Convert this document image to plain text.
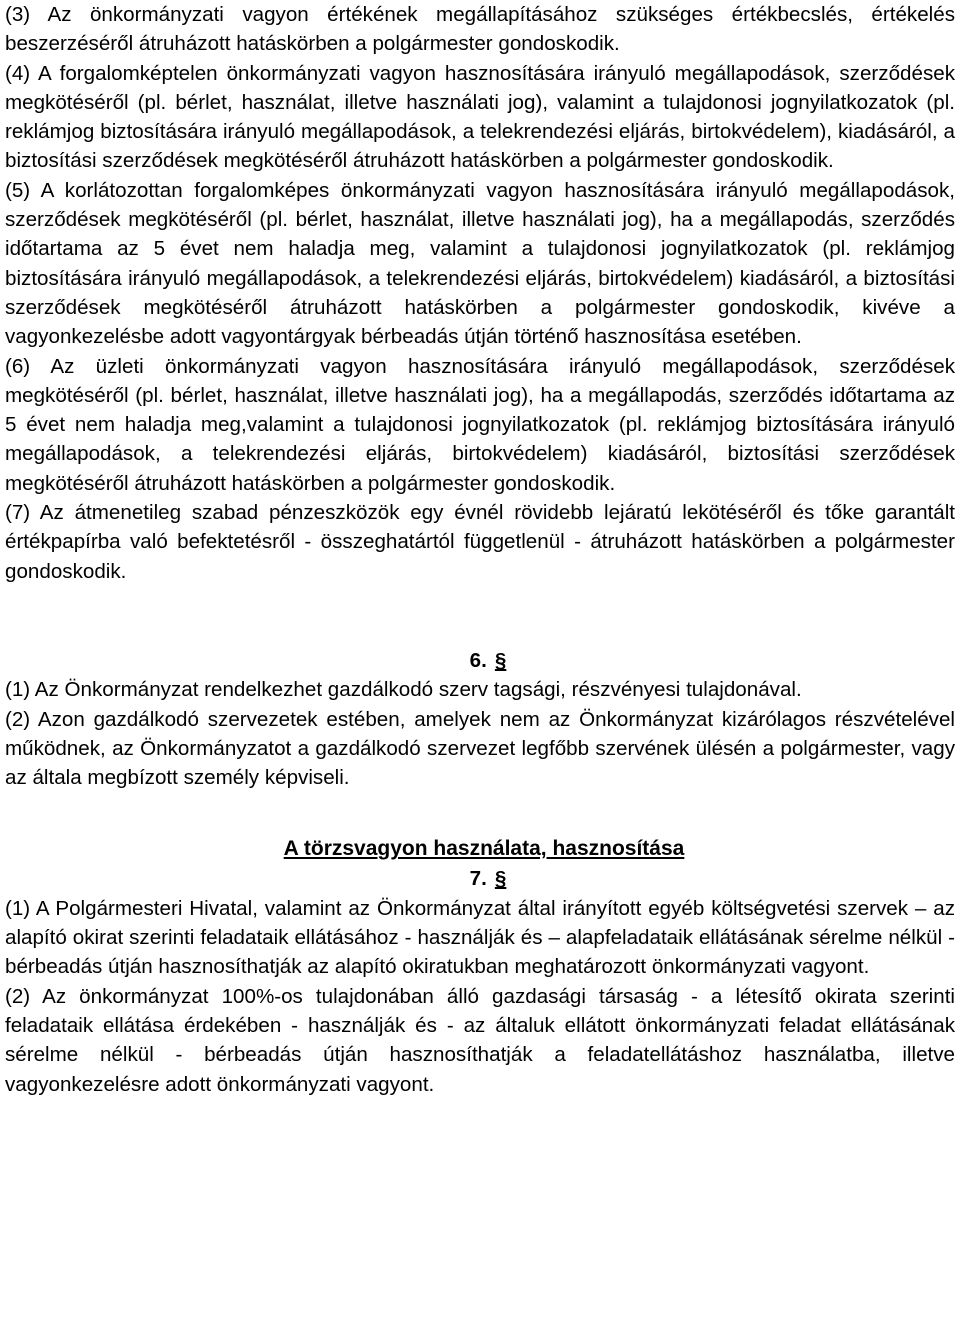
(3) Az önkormányzati vagyon értékének megállapításához szükséges értékbecslés, értékelés beszerzéséről átruházott hatáskörben a polgármester gondoskodik.

(4) A forgalomképtelen önkormányzati vagyon hasznosítására irányuló megállapodások, szerződések megkötéséről (pl. bérlet, használat, illetve használati jog), valamint a tulajdonosi jognyilatkozatok (pl. reklámjog biztosítására irányuló megállapodások, a telekrendezési eljárás, birtokvédelem), kiadásáról, a biztosítási szerződések megkötéséről átruházott hatáskörben a polgármester gondoskodik.

(5) A korlátozottan forgalomképes önkormányzati vagyon hasznosítására irányuló megállapodások, szerződések megkötéséről (pl. bérlet, használat, illetve használati jog), ha a megállapodás, szerződés időtartama az 5 évet nem haladja meg, valamint a tulajdonosi jognyilatkozatok (pl. reklámjog biztosítására irányuló megállapodások, a telekrendezési eljárás, birtokvédelem) kiadásáról, a biztosítási szerződések megkötéséről átruházott hatáskörben a polgármester gondoskodik, kivéve a vagyonkezelésbe adott vagyontárgyak bérbeadás útján történő hasznosítása esetében.

(6) Az üzleti önkormányzati vagyon hasznosítására irányuló megállapodások, szerződések megkötéséről (pl. bérlet, használat, illetve használati jog), ha a megállapodás, szerződés időtartama az 5 évet nem haladja meg,valamint a tulajdonosi jognyilatkozatok (pl. reklámjog biztosítására irányuló megállapodások, a telekrendezési eljárás, birtokvédelem) kiadásáról, biztosítási szerződések megkötéséről átruházott hatáskörben a polgármester gondoskodik.

(7) Az átmenetileg szabad pénzeszközök egy évnél rövidebb lejáratú lekötéséről és tőke garantált értékpapírba való befektetésről - összeghatártól függetlenül - átruházott hatáskörben a polgármester gondoskodik.

6. §

(1) Az Önkormányzat rendelkezhet gazdálkodó szerv tagsági, részvényesi tulajdonával.

(2) Azon gazdálkodó szervezetek estében, amelyek nem az Önkormányzat kizárólagos részvételével működnek, az Önkormányzatot a gazdálkodó szervezet legfőbb szervének ülésén a polgármester, vagy az általa megbízott személy képviseli.

A törzsvagyon használata, hasznosítása

7. §

(1) A Polgármesteri Hivatal, valamint az Önkormányzat által irányított egyéb költségvetési szervek – az alapító okirat szerinti feladataik ellátásához - használják és – alapfeladataik ellátásának sérelme nélkül - bérbeadás útján hasznosíthatják az alapító okiratukban meghatározott önkormányzati vagyont.

(2) Az önkormányzat 100%-os tulajdonában álló gazdasági társaság - a létesítő okirata szerinti feladataik ellátása érdekében - használják és - az általuk ellátott önkormányzati feladat ellátásának sérelme nélkül - bérbeadás útján hasznosíthatják a feladatellátáshoz használatba, illetve vagyonkezelésre adott önkormányzati vagyont.
